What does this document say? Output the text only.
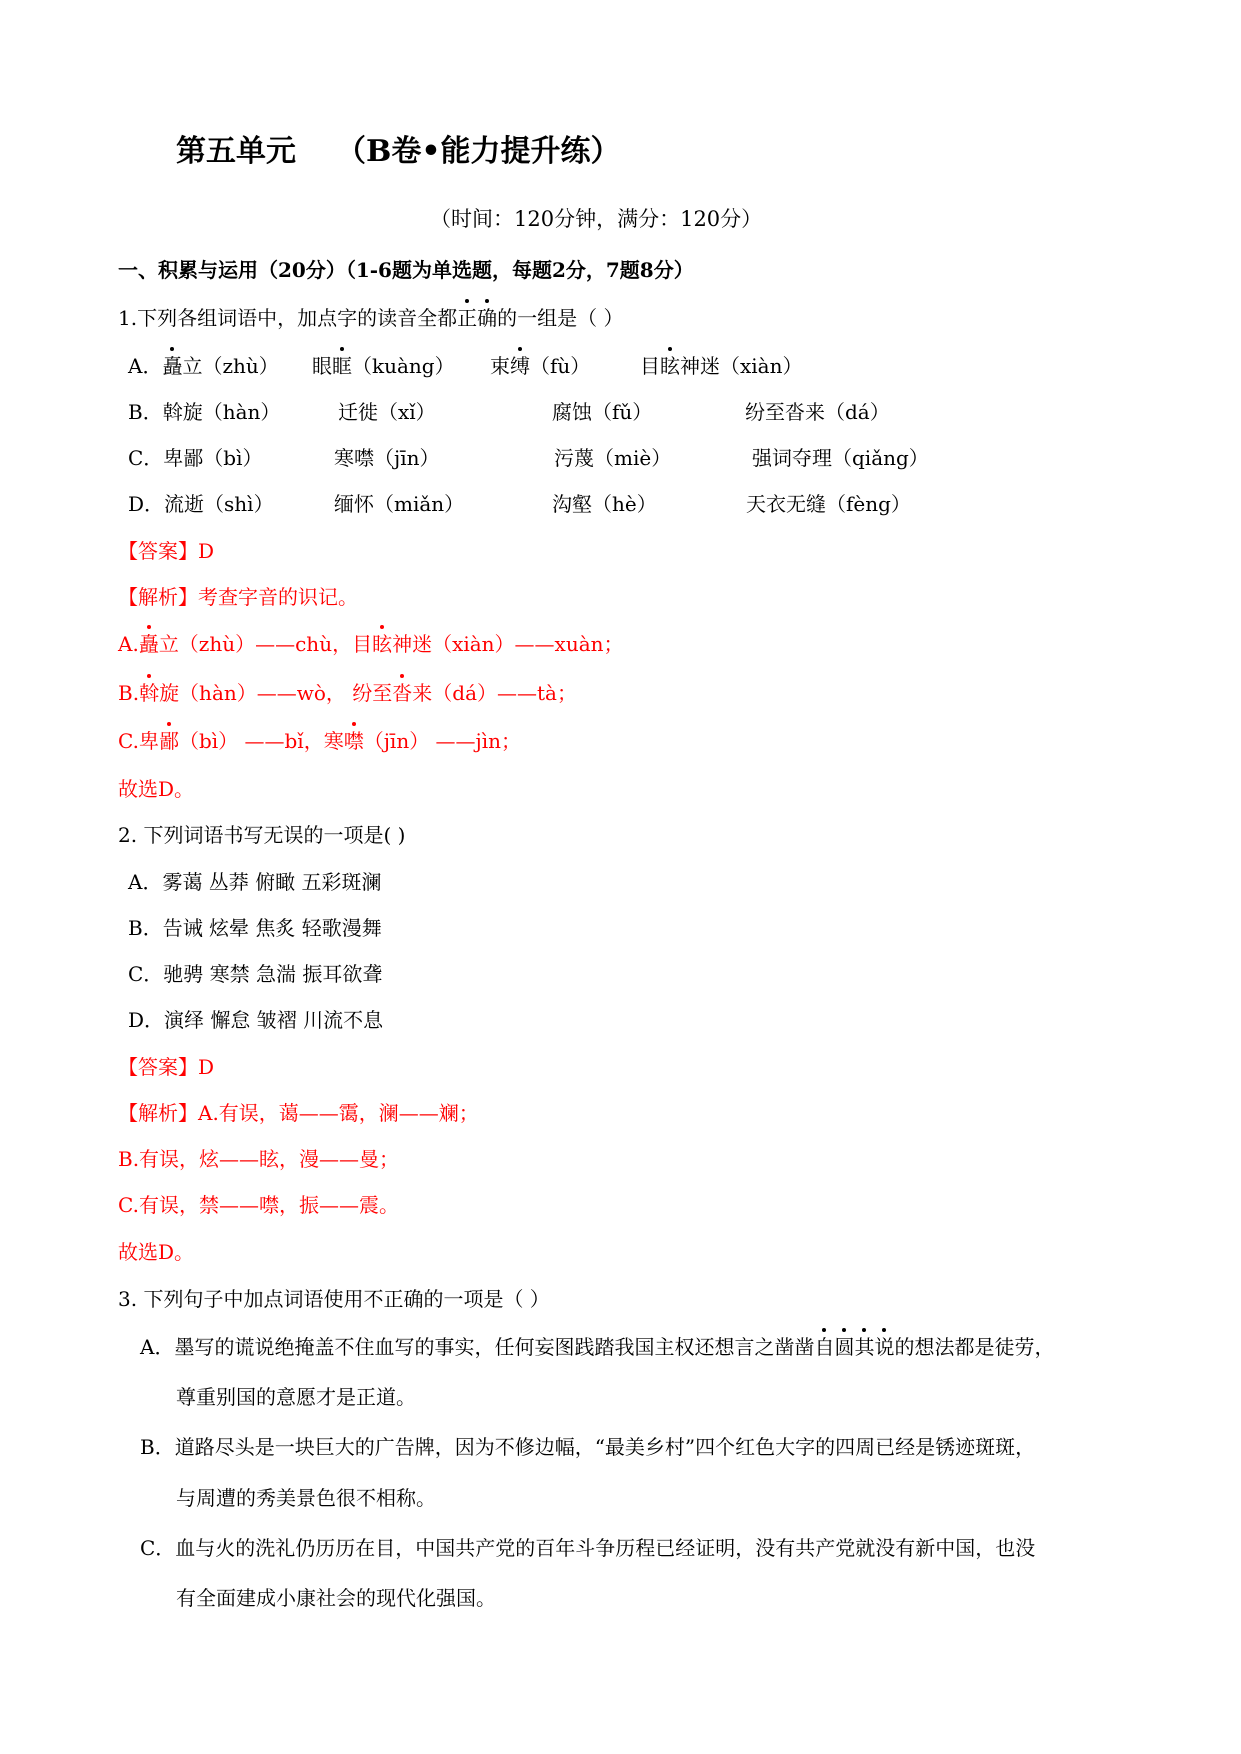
第五单元 （B卷•能力提升练）
（时间：120分钟，满分：120分）
一、积累与运用（20分）（1-6题为单选题，每题2分，7题8分）
1.下列各组词语中，加点字的读音全都正确的一组是（ ）
A．矗立（zhù） 眼眶（kuàng） 束缚（fù） 目眩神迷（xiàn）
B．斡旋（hàn）	迁徙（xǐ）	腐蚀（fǔ）	纷至沓来（dá）
C．卑鄙（bì）	寒噤（jīn）	污蔑（miè）	强词夺理（qiǎng）
D．流逝（shì）	缅怀（miǎn）	沟壑（hè）	天衣无缝（fèng）
【答案】D
【解析】考查字音的识记。
A.矗立（zhù）——chù，目眩神迷（xiàn）——xuàn；
B.斡旋（hàn）——wò， 纷至沓来（dá）——tà；
C.卑鄙（bì） ——bǐ，寒噤（jīn） ——jìn；
故选D。
2. 下列词语书写无误的一项是( )
A．雾蔼 丛莽 俯瞰 五彩斑澜
B．告诫 炫晕 焦炙 轻歌漫舞
C．驰骋 寒禁 急湍 振耳欲聋
D．演绎 懈怠 皱褶 川流不息
【答案】D
【解析】A.有误，蔼——霭，澜——斓；
B.有误，炫——眩，漫——曼；
C.有误，禁——噤，振——震。
故选D。
3. 下列句子中加点词语使用不正确的一项是（ ）
A．墨写的谎说绝掩盖不住血写的事实，任何妄图践踏我国主权还想言之凿凿自圆其说的想法都是徒劳，
尊重别国的意愿才是正道。
B．道路尽头是一块巨大的广告牌，因为不修边幅，“最美乡村”四个红色大字的四周已经是锈迹斑斑，
与周遭的秀美景色很不相称。
C．血与火的洗礼仍历历在目，中国共产党的百年斗争历程已经证明，没有共产党就没有新中国，也没
有全面建成小康社会的现代化强国。
